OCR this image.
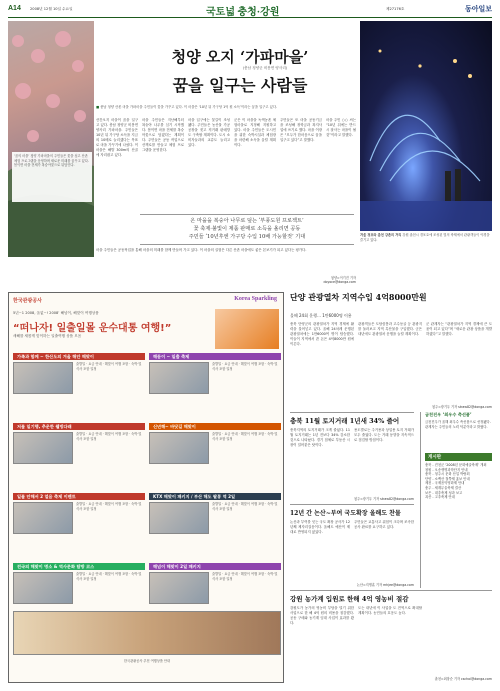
A14	2008년 12월 10일 수요일	국토넓 충청·강원	제27176호	동아일보
‘꿈의 마을’ 청양 가파마을의 주민들은 꽃을 심고 산촌 체험 프로그램을 운영하며 새로운 미래를 꿈꾸고 있다. 봄이면 마을 전체가 복숭아꽃으로 뒤덮인다.
청양 오지 ‘가파마을’
(충남 청양군 비봉면 양사리)
꿈을 일구는 사람들
■ 충남 청양 산촌 마을 가파마을 주민들이 꽃을 가꾸고 있다. 이 마을은 ‘10년 뒤 가구당 1억 원 소득’이라는 꿈을 일구고 있다.
산간오지 마을이 꿈을 일구고 있다. 충남 청양군 비봉면 양사리 가파마을. 주민들은 10년 뒤 가구당 소득을 지금의 10배로 늘리겠다는 목표로 마을 가꾸기에 나섰다. 이 마을은 해발 300m의 산골에 자리잡고 있다.
마을 주민들은 지난해부터 복숭아 나무를 심기 시작했다. 봄이면 마을 전체를 복숭아꽃으로 덮겠다는 계획이다. 주민들은 공동 작업으로 산책로를 만들고 체험 프로그램을 운영한다.
마을 입구에는 꽃길이 조성됐다. 주민들은 농산물 가공 공장을 짓고 직거래 판매망도 구축할 계획이다. 도시 소비자들과의 교류도 늘리고 있다.
군은 이 마을을 녹색농촌 체험마을로 지정해 지원하고 있다. 마을 주민들은 도시민을 위한 숙박시설과 체험장을 마련해 소득을 올릴 계획이다.
주민들은 또 마을 공동기금을 조성해 장학금과 복지사업에 쓰기로 했다. 마을 이장은 “모두가 한마음으로 꿈을 일구고 있다”고 말했다.
마을 주민 ○○ 씨는 “10년 뒤에는 반드시 잘사는 마을이 될 것”이라고 말했다.
온 마을을 복숭아 나무로 덮는 ‘부풍도원 프로젝트’
꽃 축제·불빛이 제품 판매로 소득을 올리면 공동
주민들 ‘10년후엔 가구당 수입 10배 가능할것’ 기대
마을 주민들은 공동작업을 통해 마을의 미래를 함께 만들어 가고 있다. 이 마을의 실험은 다른 산촌 마을에도 좋은 본보기가 되고 있다는 평가다.
청양=이기진 기자 doyoce@donga.com
겨울 경포와 춘천 강촌의 거리 강원 춘천시 경포호에 조성된 빛의 축제에서 관광객들이 야경을 즐기고 있다.
한국관광공사	Korea Sparkling
5년~1 2008, 올없~! 2008’ 해넘이, 해맞이 여행상품
“떠나자! 일출일몰 운수대통 여행!”
새해를 새롭게 맞이하는 일출여행 상품 모음
가족과 함께 ~ 한산도의 겨울 해안 해맞이	해돋이 ~ 일출 축제
출발일 · 요금 안내 · 해맞이 여행 포함 · 숙박 및 식사 포함 일정
출발일 · 요금 안내 · 해맞이 여행 포함 · 숙박 및 식사 포함 일정
저물 일기행, 추운한 웰빙다래	신년해~ 바닷길 해맞이
출발일 · 요금 안내 · 해맞이 여행 포함 · 숙박 및 식사 포함 일정
출발일 · 요금 안내 · 해맞이 여행 포함 · 숙박 및 식사 포함 일정
일몰 안해서 2 얼음 축제 이벤트	KTX 해맞이 패키지 / 부산 해도 팔봉 역 2일
출발일 · 요금 안내 · 해맞이 여행 포함 · 숙박 및 식사 포함 일정
출발일 · 요금 안내 · 해맞이 여행 포함 · 숙박 및 식사 포함 일정
전국의 해맞이 명소 & 역사문화 탐방 코스	해넘이 해맞이 2일 패키지
출발일 · 요금 안내 · 해맞이 여행 포함 · 숙박 및 식사 포함 일정
출발일 · 요금 안내 · 해맞이 여행 포함 · 숙박 및 식사 포함 일정
한국관광공사 추천 여행상품 안내
단양 관광열차 지역수입 4억8000만원
올해 24회 운행… 1만6000명 이용
충북 단양군의 관광열차가 지역 경제에 활력을 불어넣고 있다. 올해 24차례 운행된 관광열차에는 1만6000여 명이 탑승했다. 이들이 지역에서 쓴 돈은 4억8000만 원에 이른다.
관광객들은 도담삼봉과 고수동굴 등 관광지를 둘러보고 지역 특산물을 구입했다. 군은 내년에도 관광열차 운행을 늘릴 계획이다.
군 관계자는 “관광열차가 지역 경제에 큰 도움이 되고 있다”며 “새로운 관광 상품을 개발하겠다”고 말했다.
청주=장기우 기자 straw82@donga.com
충북 11월 토지거래 1년새 34% 줄어
충북지역의 토지거래가 크게 줄었다. 11월 토지거래는 1년 전보다 34% 감소한 것으로 나타났다. 경기 침체로 부동산 시장이 얼어붙은 탓이다.
용도별로는 주거용과 상업용 토지 거래가 모두 줄었다. 도는 거래 동향을 지속적으로 점검할 방침이다.
청주=장기우 기자 straw82@donga.com
12년 간 논산~부여 국도확장 올해도 찬물
논산과 부여를 잇는 국도 확장 공사가 12년째 제자리걸음이다. 올해도 예산이 제대로 반영되지 않았다.
주민들은 교통사고 위험이 크다며 조속한 공사 완료를 요구하고 있다.
논산=지명훈 기자 mhjee@donga.com
강원 농가계 입원로 한해 4억 영농비 절감
강원도가 농가의 영농비 부담을 덜기 위한 사업으로 한 해 4억 원의 비용을 절감했다. 공동 구매와 농기계 임대 사업이 효과를 봤다.
도는 내년에 이 사업을 도 전역으로 확대할 계획이다. 농민들의 호응도 높다.
춘천=최창순 기자 cschoi@donga.com
금천진우 ‘최우수 측선품’
금천진우가 올해 최우수 측선품으로 선정됐다. 관계자는 주민들의 노력 덕분이라고 밝혔다.
게시판
충북 - 진천군 ‘2008년 문화예술축제’ 개최
청원 - 오송생명과학단지 안내
충북 - 청주시 문화 산업 박람회
단양 - 소백산 철쭉제 홍보 안내
제천 - 국제음악영화제 안내
충주 - 세계무술축제 결산
보은 - 대추축제 성과 보고
괴산 - 고추축제 안내
